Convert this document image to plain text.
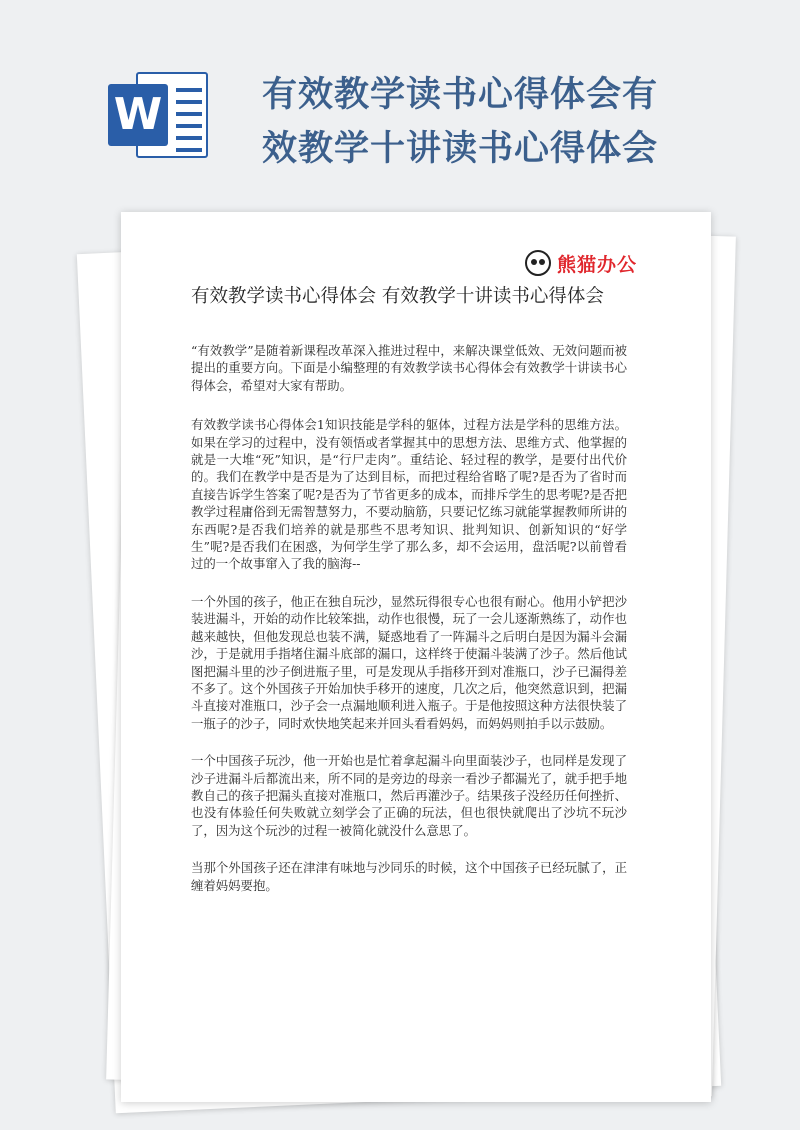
W	有效教学读书心得体会有效教学十讲读书心得体会
熊猫办公
有效教学读书心得体会 有效教学十讲读书心得体会

“有效教学”是随着新课程改革深入推进过程中，来解决课堂低效、无效问题而被提出的重要方向。下面是小编整理的有效教学读书心得体会有效教学十讲读书心得体会，希望对大家有帮助。

有效教学读书心得体会1知识技能是学科的躯体，过程方法是学科的思维方法。如果在学习的过程中，没有领悟或者掌握其中的思想方法、思维方式、他掌握的就是一大堆“死”知识，是“行尸走肉”。重结论、轻过程的教学，是要付出代价的。我们在教学中是否是为了达到目标，而把过程给省略了呢?是否为了省时而直接告诉学生答案了呢?是否为了节省更多的成本，而排斥学生的思考呢?是否把教学过程庸俗到无需智慧努力，不要动脑筋，只要记忆练习就能掌握教师所讲的东西呢?是否我们培养的就是那些不思考知识、批判知识、创新知识的“好学生”呢?是否我们在困惑，为何学生学了那么多，却不会运用，盘活呢?以前曾看过的一个故事窜入了我的脑海--

一个外国的孩子，他正在独自玩沙，显然玩得很专心也很有耐心。他用小铲把沙装进漏斗，开始的动作比较笨拙，动作也很慢，玩了一会儿逐渐熟练了，动作也越来越快，但他发现总也装不满，疑惑地看了一阵漏斗之后明白是因为漏斗会漏沙，于是就用手指堵住漏斗底部的漏口，这样终于使漏斗装满了沙子。然后他试图把漏斗里的沙子倒进瓶子里，可是发现从手指移开到对准瓶口，沙子已漏得差不多了。这个外国孩子开始加快手移开的速度，几次之后，他突然意识到，把漏斗直接对准瓶口，沙子会一点漏地顺利进入瓶子。于是他按照这种方法很快装了一瓶子的沙子，同时欢快地笑起来并回头看看妈妈，而妈妈则拍手以示鼓励。

一个中国孩子玩沙，他一开始也是忙着拿起漏斗向里面装沙子，也同样是发现了沙子进漏斗后都流出来，所不同的是旁边的母亲一看沙子都漏光了，就手把手地教自己的孩子把漏头直接对准瓶口，然后再灌沙子。结果孩子没经历任何挫折、也没有体验任何失败就立刻学会了正确的玩法，但也很快就爬出了沙坑不玩沙了，因为这个玩沙的过程一被简化就没什么意思了。

当那个外国孩子还在津津有味地与沙同乐的时候，这个中国孩子已经玩腻了，正缠着妈妈要抱。
